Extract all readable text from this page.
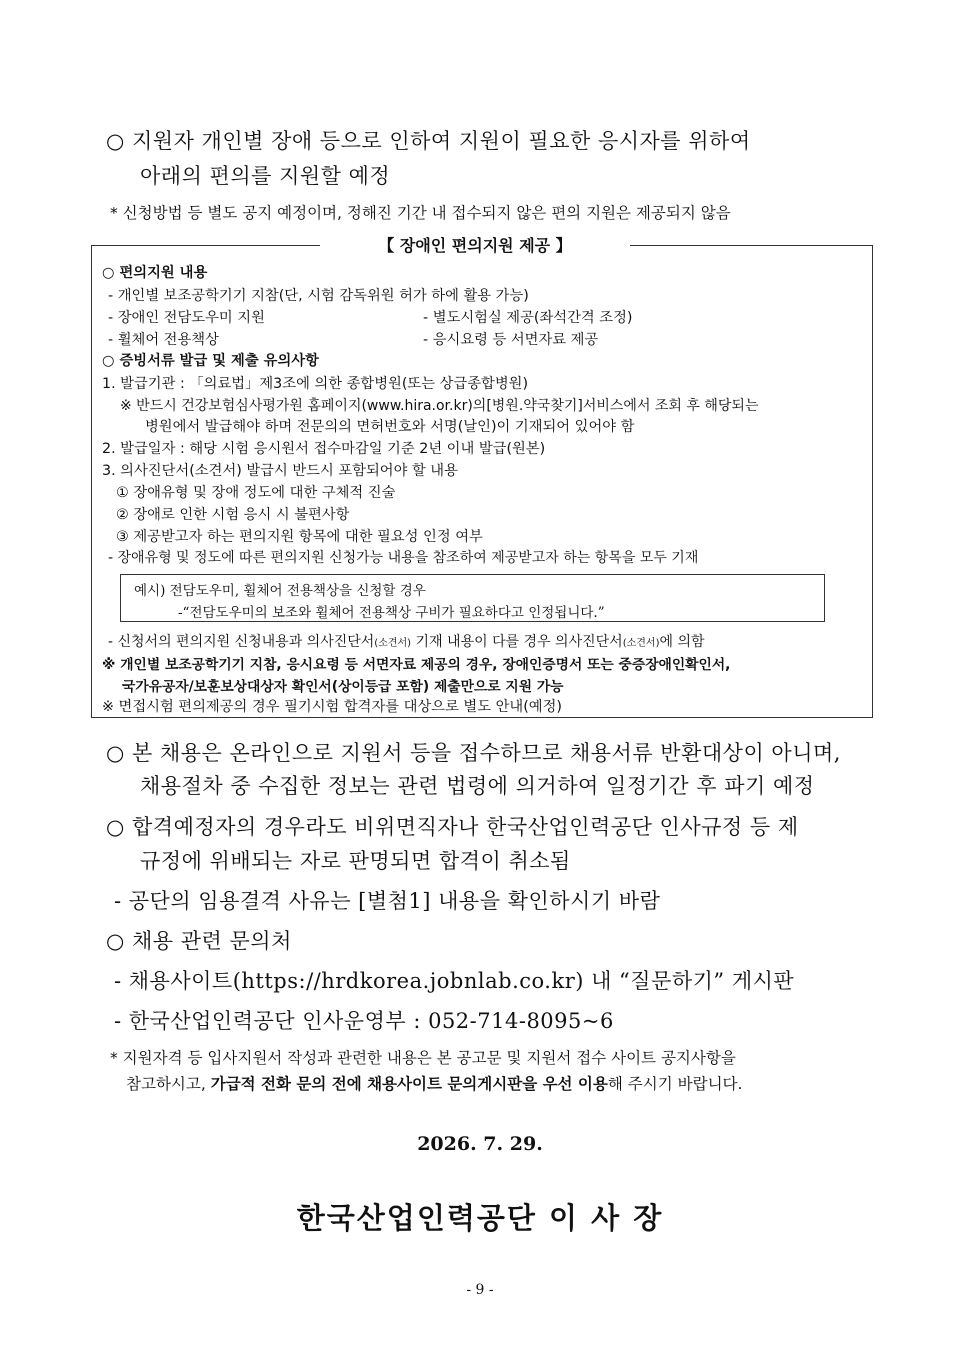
○ 지원자 개인별 장애 등으로 인하여 지원이 필요한 응시자를 위하여
아래의 편의를 지원할 예정
* 신청방법 등 별도 공지 예정이며, 정해진 기간 내 접수되지 않은 편의 지원은 제공되지 않음
【 장애인 편의지원 제공 】
○ 편의지원 내용
- 개인별 보조공학기기 지참(단, 시험 감독위원 허가 하에 활용 가능)
- 장애인 전담도우미 지원	- 별도시험실 제공(좌석간격 조정)
- 휠체어 전용책상	- 응시요령 등 서면자료 제공
○ 증빙서류 발급 및 제출 유의사항
1. 발급기관 : 「의료법」제3조에 의한 종합병원(또는 상급종합병원)
※ 반드시 건강보험심사평가원 홈페이지(www.hira.or.kr)의[병원.약국찾기]서비스에서 조회 후 해당되는
병원에서 발급해야 하며 전문의의 면허번호와 서명(날인)이 기재되어 있어야 함
2. 발급일자 : 해당 시험 응시원서 접수마감일 기준 2년 이내 발급(원본)
3. 의사진단서(소견서) 발급시 반드시 포함되어야 할 내용
① 장애유형 및 장애 정도에 대한 구체적 진술
② 장애로 인한 시험 응시 시 불편사항
③ 제공받고자 하는 편의지원 항목에 대한 필요성 인정 여부
- 장애유형 및 정도에 따른 편의지원 신청가능 내용을 참조하여 제공받고자 하는 항목을 모두 기재
예시) 전담도우미, 휠체어 전용책상을 신청할 경우
-“전담도우미의 보조와 휠체어 전용책상 구비가 필요하다고 인정됩니다.”
- 신청서의 편의지원 신청내용과 의사진단서(소견서) 기재 내용이 다를 경우 의사진단서(소견서)에 의함
※ 개인별 보조공학기기 지참, 응시요령 등 서면자료 제공의 경우, 장애인증명서 또는 중증장애인확인서,
국가유공자/보훈보상대상자 확인서(상이등급 포함) 제출만으로 지원 가능
※ 면접시험 편의제공의 경우 필기시험 합격자를 대상으로 별도 안내(예정)
○ 본 채용은 온라인으로 지원서 등을 접수하므로 채용서류 반환대상이 아니며,
채용절차 중 수집한 정보는 관련 법령에 의거하여 일정기간 후 파기 예정
○ 합격예정자의 경우라도 비위면직자나 한국산업인력공단 인사규정 등 제
규정에 위배되는 자로 판명되면 합격이 취소됨
- 공단의 임용결격 사유는 [별첨1] 내용을 확인하시기 바람
○ 채용 관련 문의처
- 채용사이트(https://hrdkorea.jobnlab.co.kr) 내 “질문하기” 게시판
- 한국산업인력공단 인사운영부 : 052-714-8095~6
* 지원자격 등 입사지원서 작성과 관련한 내용은 본 공고문 및 지원서 접수 사이트 공지사항을
참고하시고, 가급적 전화 문의 전에 채용사이트 문의게시판을 우선 이용해 주시기 바랍니다.
2026. 7. 29.
한국산업인력공단 이 사 장
- 9 -
